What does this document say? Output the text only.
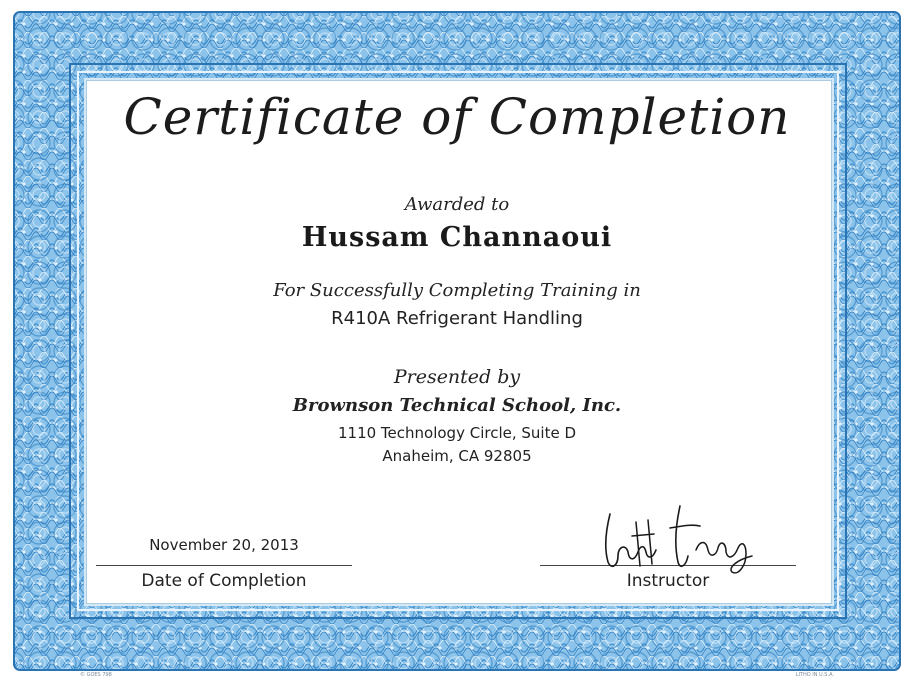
Certificate of Completion
Awarded to
Hussam Channaoui
For Successfully Completing Training in
R410A Refrigerant Handling
Presented by
Brownson Technical School, Inc.
1110 Technology Circle, Suite D
Anaheim, CA 92805
November 20, 2013
Date of Completion	Instructor
© GOES 798	LITHO IN U.S.A.
